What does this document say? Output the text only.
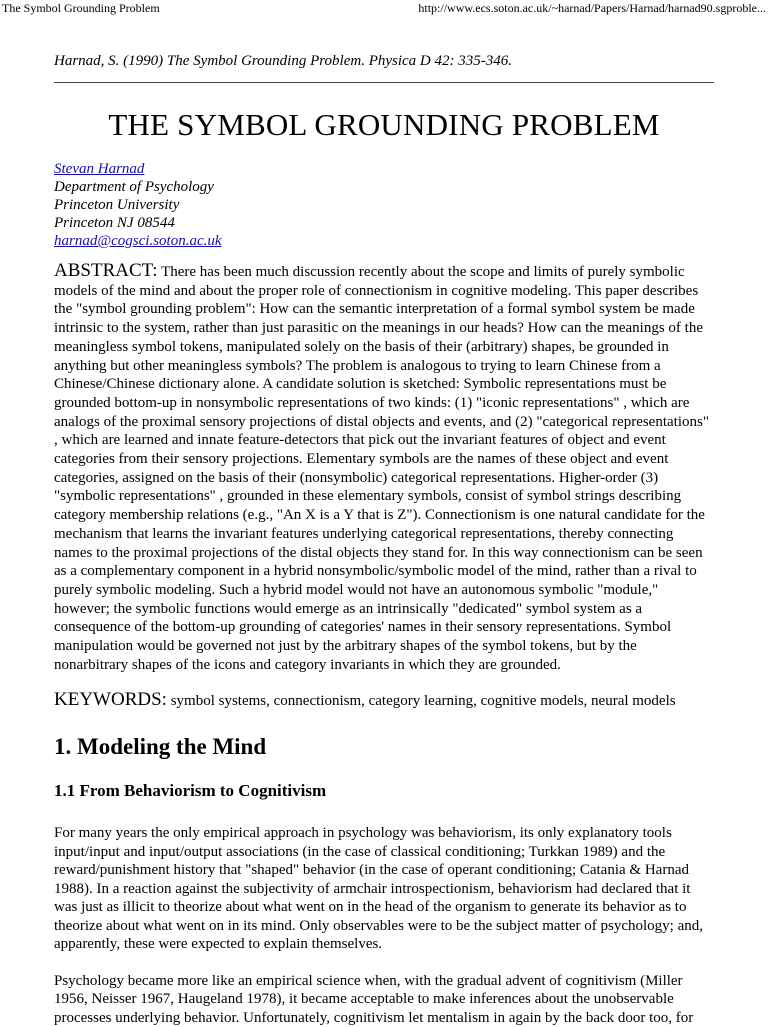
The Symbol Grounding Problem	http://www.ecs.soton.ac.uk/~harnad/Papers/Harnad/harnad90.sgproble...
Harnad, S. (1990) The Symbol Grounding Problem. Physica D 42: 335-346.
THE SYMBOL GROUNDING PROBLEM
Stevan Harnad
Department of Psychology
Princeton University
Princeton NJ 08544
harnad@cogsci.soton.ac.uk

ABSTRACT: There has been much discussion recently about the scope and limits of purely symbolic models of the mind and about the proper role of connectionism in cognitive modeling. This paper describes the "symbol grounding problem": How can the semantic interpretation of a formal symbol system be made intrinsic to the system, rather than just parasitic on the meanings in our heads? How can the meanings of the meaningless symbol tokens, manipulated solely on the basis of their (arbitrary) shapes, be grounded in anything but other meaningless symbols? The problem is analogous to trying to learn Chinese from a Chinese/Chinese dictionary alone. A candidate solution is sketched: Symbolic representations must be grounded bottom-up in nonsymbolic representations of two kinds: (1) "iconic representations" , which are analogs of the proximal sensory projections of distal objects and events, and (2) "categorical representations" , which are learned and innate feature-detectors that pick out the invariant features of object and event categories from their sensory projections. Elementary symbols are the names of these object and event categories, assigned on the basis of their (nonsymbolic) categorical representations. Higher-order (3) "symbolic representations" , grounded in these elementary symbols, consist of symbol strings describing category membership relations (e.g., "An X is a Y that is Z"). Connectionism is one natural candidate for the mechanism that learns the invariant features underlying categorical representations, thereby connecting names to the proximal projections of the distal objects they stand for. In this way connectionism can be seen as a complementary component in a hybrid nonsymbolic/symbolic model of the mind, rather than a rival to purely symbolic modeling. Such a hybrid model would not have an autonomous symbolic "module," however; the symbolic functions would emerge as an intrinsically "dedicated" symbol system as a consequence of the bottom-up grounding of categories' names in their sensory representations. Symbol manipulation would be governed not just by the arbitrary shapes of the symbol tokens, but by the nonarbitrary shapes of the icons and category invariants in which they are grounded.

KEYWORDS: symbol systems, connectionism, category learning, cognitive models, neural models

1. Modeling the Mind
1.1 From Behaviorism to Cognitivism

For many years the only empirical approach in psychology was behaviorism, its only explanatory tools input/input and input/output associations (in the case of classical conditioning; Turkkan 1989) and the reward/punishment history that "shaped" behavior (in the case of operant conditioning; Catania & Harnad 1988). In a reaction against the subjectivity of armchair introspectionism, behaviorism had declared that it was just as illicit to theorize about what went on in the head of the organism to generate its behavior as to theorize about what went on in its mind. Only observables were to be the subject matter of psychology; and, apparently, these were expected to explain themselves.

Psychology became more like an empirical science when, with the gradual advent of cognitivism (Miller 1956, Neisser 1967, Haugeland 1978), it became acceptable to make inferences about the unobservable processes underlying behavior. Unfortunately, cognitivism let mentalism in again by the back door too, for
